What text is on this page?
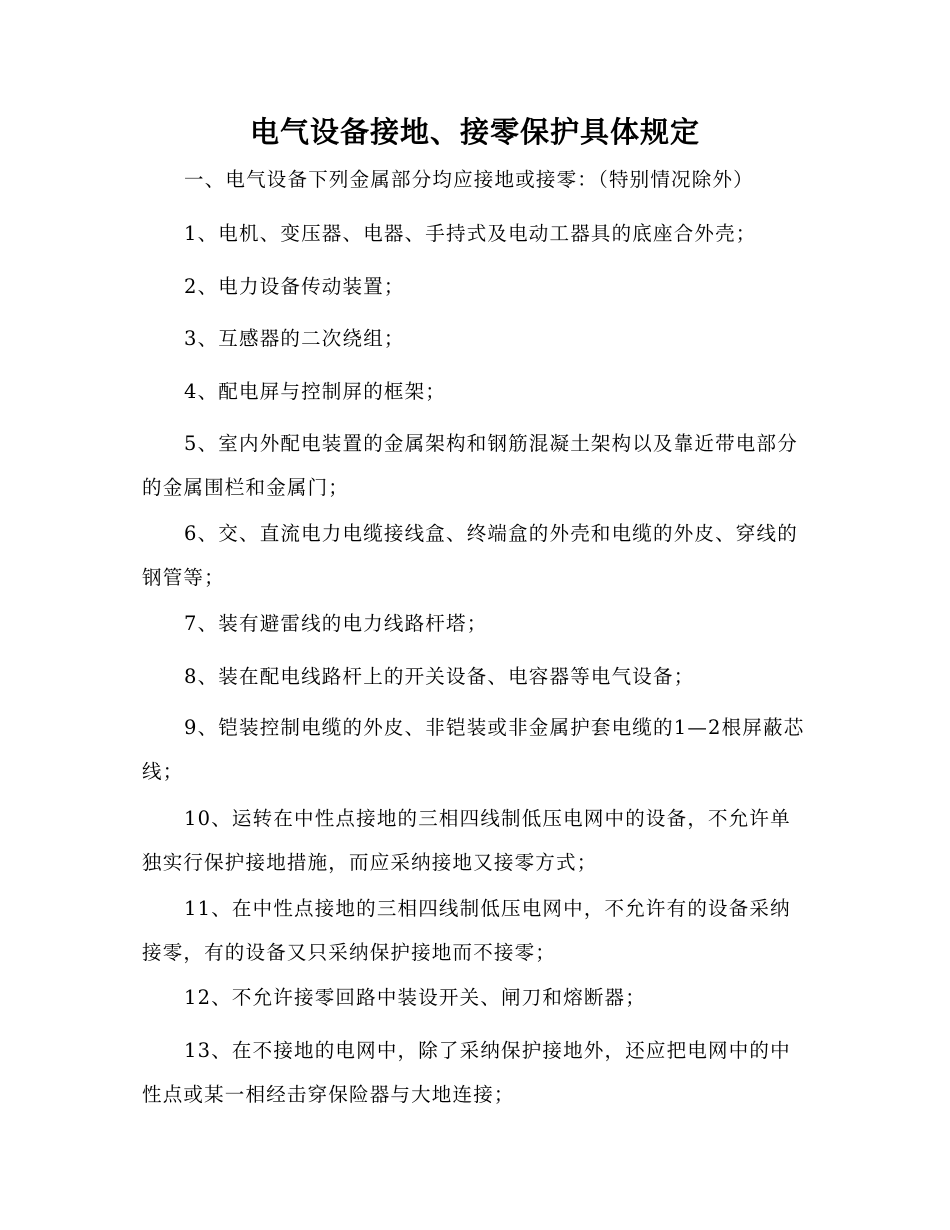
电气设备接地、接零保护具体规定

一、电气设备下列金属部分均应接地或接零：（特别情况除外）

1、电机、变压器、电器、手持式及电动工器具的底座合外壳；

2、电力设备传动装置；

3、互感器的二次绕组；

4、配电屏与控制屏的框架；

5、室内外配电装置的金属架构和钢筋混凝土架构以及靠近带电部分的金属围栏和金属门；

6、交、直流电力电缆接线盒、终端盒的外壳和电缆的外皮、穿线的钢管等；

7、装有避雷线的电力线路杆塔；

8、装在配电线路杆上的开关设备、电容器等电气设备；

9、铠装控制电缆的外皮、非铠装或非金属护套电缆的1—2根屏蔽芯线；

10、运转在中性点接地的三相四线制低压电网中的设备，不允许单独实行保护接地措施，而应采纳接地又接零方式；

11、在中性点接地的三相四线制低压电网中，不允许有的设备采纳接零，有的设备又只采纳保护接地而不接零；

12、不允许接零回路中装设开关、闸刀和熔断器；

13、在不接地的电网中，除了采纳保护接地外，还应把电网中的中性点或某一相经击穿保险器与大地连接；
